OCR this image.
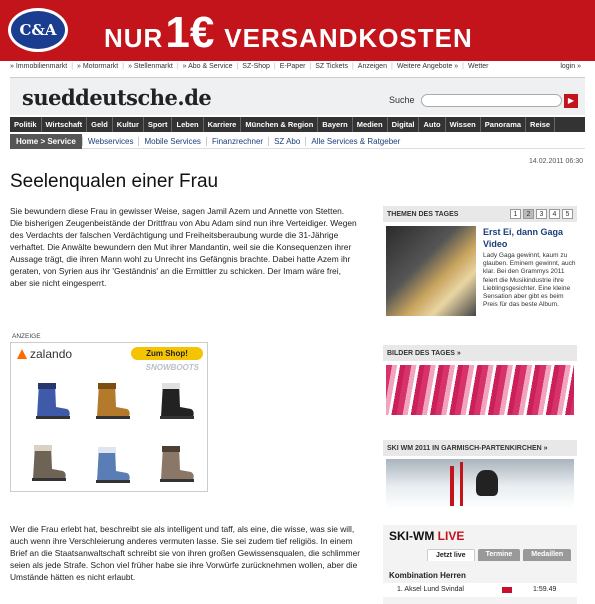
C&A	NUR 1€ VERSANDKOSTEN
» Immobilienmarkt | » Motormarkt | » Stellenmarkt | » Abo & Service | SZ-Shop | E-Paper | SZ Tickets | Anzeigen | Weitere Angebote » | Wetter	login »
sueddeutsche.de	Suche	▶
Politik	Wirtschaft	Geld	Kultur	Sport	Leben	Karriere	München & Region	Bayern	Medien	Digital	Auto	Wissen	Panorama	Reise
Home > Service	Webservices	Mobile Services	Finanzrechner	SZ Abo	Alle Services & Ratgeber
14.02.2011 06:30
Seelenqualen einer Frau

Sie bewundern diese Frau in gewisser Weise, sagen Jamil Azem und Annette von Stetten. Die bisherigen Zeugenbeistände der Drittfrau von Abu Adam sind nun ihre Verteidiger. Wegen des Verdachts der falschen Verdächtigung und Freiheitsberaubung wurde die 31-Jährige verhaftet. Die Anwälte bewundern den Mut ihrer Mandantin, weil sie die Konsequenzen ihrer Aussage trägt, die ihren Mann wohl zu Unrecht ins Gefängnis brachte. Dabei hatte Azem ihr geraten, von Syrien aus ihr 'Geständnis' an die Ermittler zu schicken. Der Imam wäre frei, aber sie nicht eingesperrt.

ANZEIGE
zalando	Zum Shop!
SNOWBOOTS

Wer die Frau erlebt hat, beschreibt sie als intelligent und taff, als eine, die wisse, was sie will, auch wenn ihre Verschleierung anderes vermuten lasse. Sie sei zudem tief religiös. In einem Brief an die Staatsanwaltschaft schreibt sie von ihren großen Gewissensqualen, die schlimmer seien als jede Strafe. Schon viel früher habe sie ihre Vorwürfe zurücknehmen wollen, aber die Umstände hätten es nicht erlaubt.

THEMEN DES TAGES	1	2	3	4	5
Erst Ei, dann Gaga Video
Lady Gaga gewinnt, kaum zu glauben. Eminem gewinnt, auch klar. Bei den Grammys 2011 feiert die Musikindustrie ihre Lieblingsgesichter. Eine kleine Sensation aber gibt es beim Preis für das beste Album.
BILDER DES TAGES »
SKI WM 2011 IN GARMISCH-PARTENKIRCHEN »
SKI-WM LIVE
Jetzt live	Termine	Medaillen
Kombination Herren
1. Aksel Lund Svindal	1:59.49
